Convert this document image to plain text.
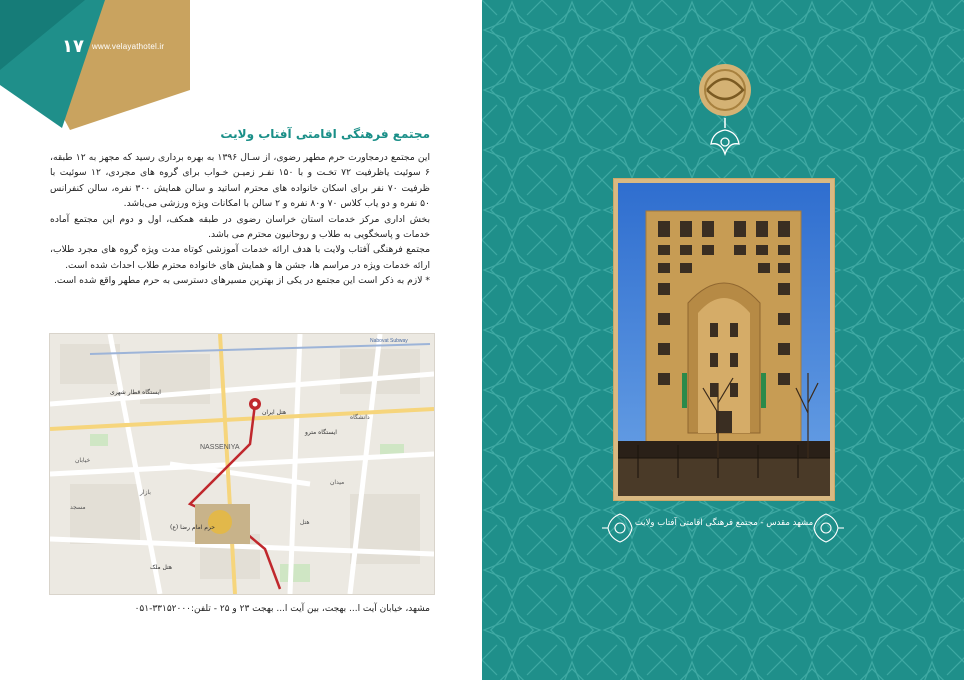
۱۷ www.velayathotel.ir
مجتمع فرهنگی اقامتی آفتاب ولایت

این مجتمع درمجاورت حرم مطهر رضوی، از سـال ۱۳۹۶ به بهره برداری رسید که مجهز به ۱۲ طبقه، ۶ سوئیت یاظرفیت ۷۲ تخـت و با ۱۵۰ نفـر زمیـن خـواب برای گروه های مجردی، ۱۲ سوئیت با ظرفیت ۷۰ نفر برای اسکان خانواده های محترم اساتید و سالن همایش ۳۰۰ نفره، سالن کنفرانس ۵۰ نفره و دو یاب کلاس ۷۰ و۸۰ نفره و ۲ سالن با امکانات ویژه ورزشی می‌باشد.

بخش اداری مرکز خدمات استان خراسان رضوی در طبقه همکف، اول و دوم این مجتمع آماده خدمات و پاسخگویی به طلاب و روحانیون محترم می باشد.

مجتمع فرهنگی آفتاب ولایت با هدف ارائه خدمات آموزشی کوتاه مدت ویژه گروه های مجرد طلاب، ارائه خدمات ویژه در مراسم ها، جشن ها و همایش های خانواده محترم طلاب احداث شده است.

* لازم به ذکر است این مجتمع در یکی از بهترین مسیرهای دسترسی به حرم مطهر واقع شده است.

NASSENIYA
Nabovat Subway
هتل ایران
هتل ملک
حرم امام رضا (ع)
ایستگاه قطار شهری
ایستگاه مترو
خیابان
میدان
بازار
هتل
مسجد
دانشگاه
مشهد، خیابان آیت ا... بهجت، بین آیت ا... بهجت ۲۳ و ۲۵ - تلفن:۳۳۱۵۲۰۰۰-۰۵۱
مشهد مقدس - مجتمع فرهنگی اقامتی آفتاب ولایت
